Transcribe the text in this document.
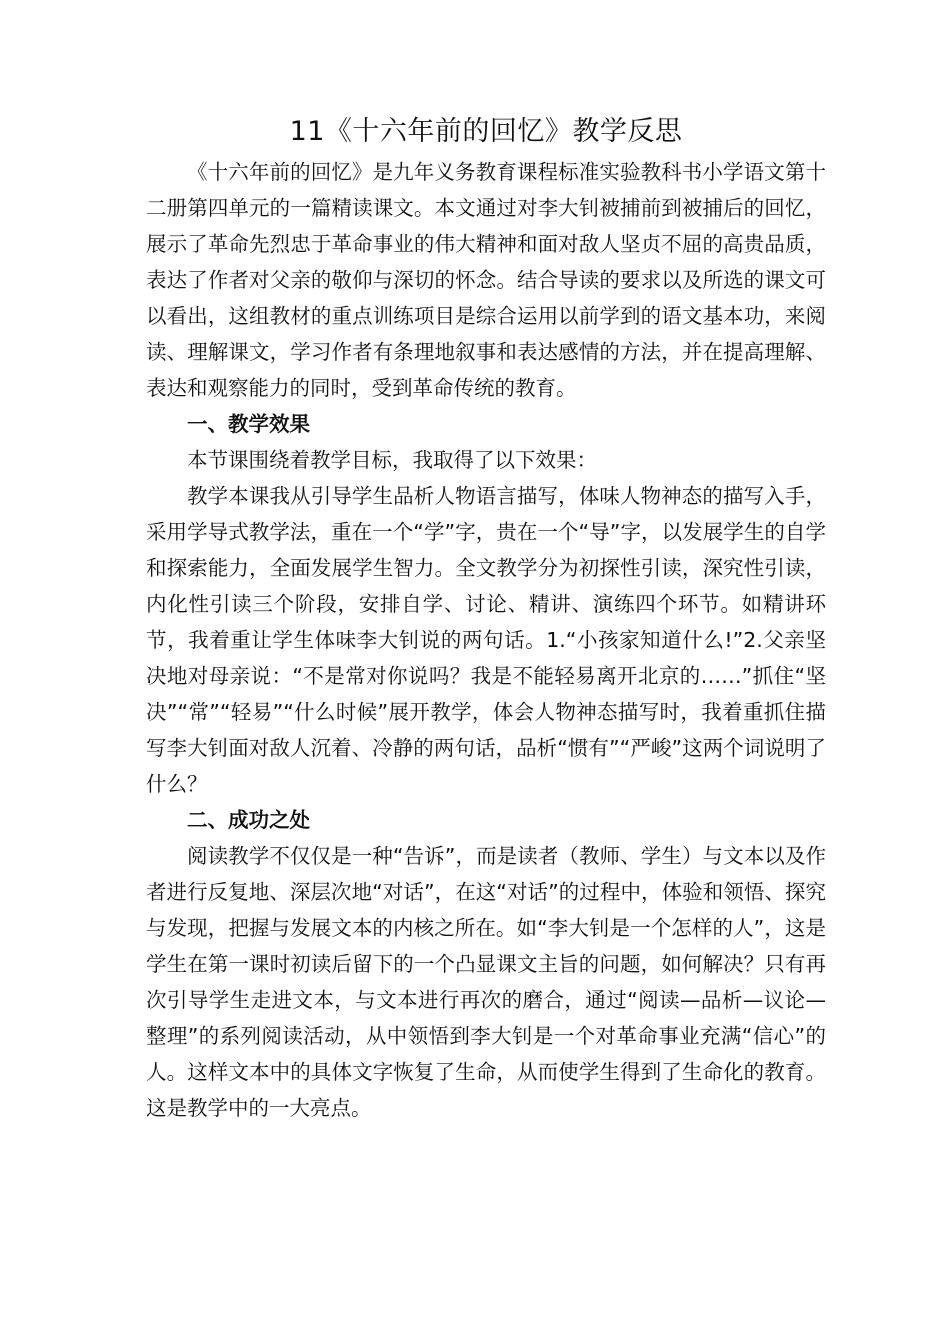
11《十六年前的回忆》教学反思

《十六年前的回忆》是九年义务教育课程标准实验教科书小学语文第十二册第四单元的一篇精读课文。本文通过对李大钊被捕前到被捕后的回忆，展示了革命先烈忠于革命事业的伟大精神和面对敌人坚贞不屈的高贵品质，表达了作者对父亲的敬仰与深切的怀念。结合导读的要求以及所选的课文可以看出，这组教材的重点训练项目是综合运用以前学到的语文基本功，来阅读、理解课文，学习作者有条理地叙事和表达感情的方法，并在提高理解、表达和观察能力的同时，受到革命传统的教育。

一、教学效果

本节课围绕着教学目标，我取得了以下效果：

教学本课我从引导学生品析人物语言描写，体味人物神态的描写入手，采用学导式教学法，重在一个“学”字，贵在一个“导”字，以发展学生的自学和探索能力，全面发展学生智力。全文教学分为初探性引读，深究性引读，内化性引读三个阶段，安排自学、讨论、精讲、演练四个环节。如精讲环节，我着重让学生体味李大钊说的两句话。1.“小孩家知道什么!”2.父亲坚决地对母亲说：“不是常对你说吗？我是不能轻易离开北京的……”抓住“坚决”“常”“轻易”“什么时候”展开教学，体会人物神态描写时，我着重抓住描写李大钊面对敌人沉着、冷静的两句话，品析“惯有”“严峻”这两个词说明了什么？

二、成功之处

阅读教学不仅仅是一种“告诉”，而是读者（教师、学生）与文本以及作者进行反复地、深层次地“对话”，在这“对话”的过程中，体验和领悟、探究与发现，把握与发展文本的内核之所在。如“李大钊是一个怎样的人”，这是学生在第一课时初读后留下的一个凸显课文主旨的问题，如何解决？只有再次引导学生走进文本，与文本进行再次的磨合，通过“阅读—品析—议论—整理”的系列阅读活动，从中领悟到李大钊是一个对革命事业充满“信心”的人。这样文本中的具体文字恢复了生命，从而使学生得到了生命化的教育。这是教学中的一大亮点。
